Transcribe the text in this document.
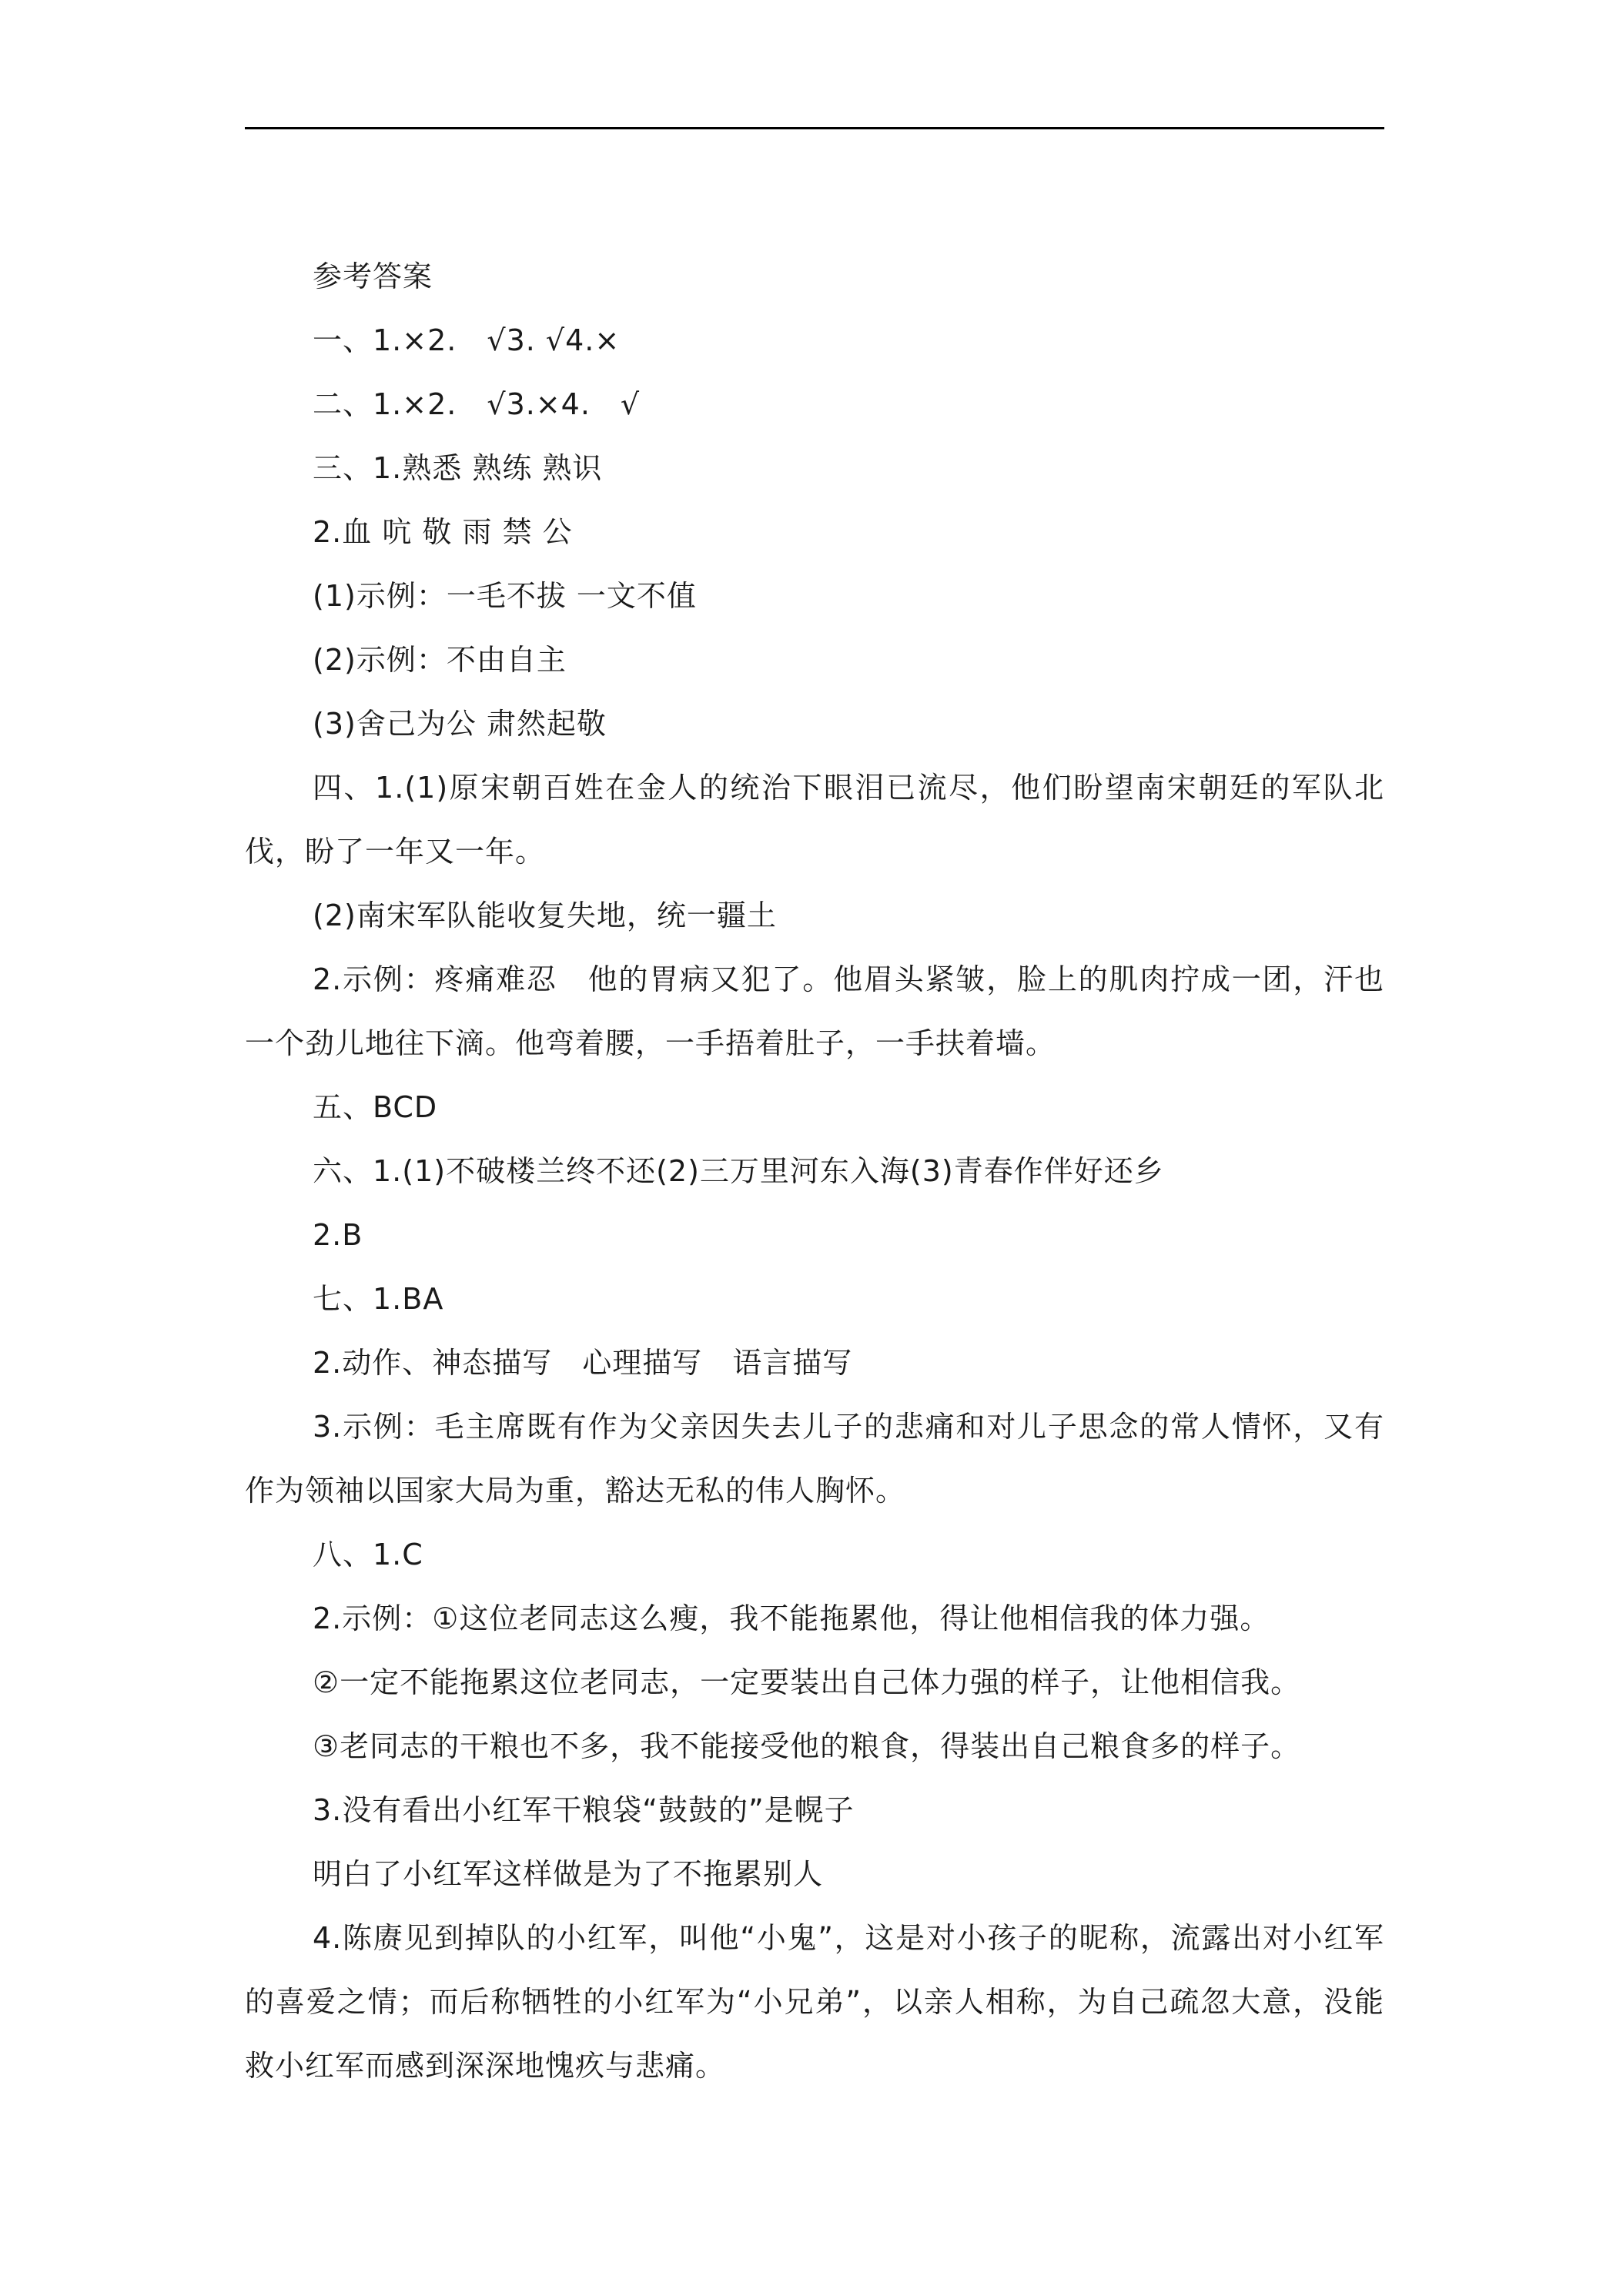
参考答案
一、1.×2.　√3. √4.×
二、1.×2.　√3.×4.　√
三、1.熟悉 熟练 熟识
2.血 吭 敬 雨 禁 公
(1)示例：一毛不拔 一文不值
(2)示例：不由自主
(3)舍己为公 肃然起敬
四、1.(1)原宋朝百姓在金人的统治下眼泪已流尽，他们盼望南宋朝廷的军队北伐，盼了一年又一年。
(2)南宋军队能收复失地，统一疆土
2.示例：疼痛难忍　他的胃病又犯了。他眉头紧皱，脸上的肌肉拧成一团，汗也一个劲儿地往下滴。他弯着腰，一手捂着肚子，一手扶着墙。
五、BCD
六、1.(1)不破楼兰终不还(2)三万里河东入海(3)青春作伴好还乡
2.B
七、1.BA
2.动作、神态描写　心理描写　语言描写
3.示例：毛主席既有作为父亲因失去儿子的悲痛和对儿子思念的常人情怀，又有作为领袖以国家大局为重，豁达无私的伟人胸怀。
八、1.C
2.示例：①这位老同志这么瘦，我不能拖累他，得让他相信我的体力强。
②一定不能拖累这位老同志，一定要装出自己体力强的样子，让他相信我。
③老同志的干粮也不多，我不能接受他的粮食，得装出自己粮食多的样子。
3.没有看出小红军干粮袋“鼓鼓的”是幌子
明白了小红军这样做是为了不拖累别人
4.陈赓见到掉队的小红军，叫他“小鬼”，这是对小孩子的昵称，流露出对小红军的喜爱之情；而后称牺牲的小红军为“小兄弟”，以亲人相称，为自己疏忽大意，没能救小红军而感到深深地愧疚与悲痛。
